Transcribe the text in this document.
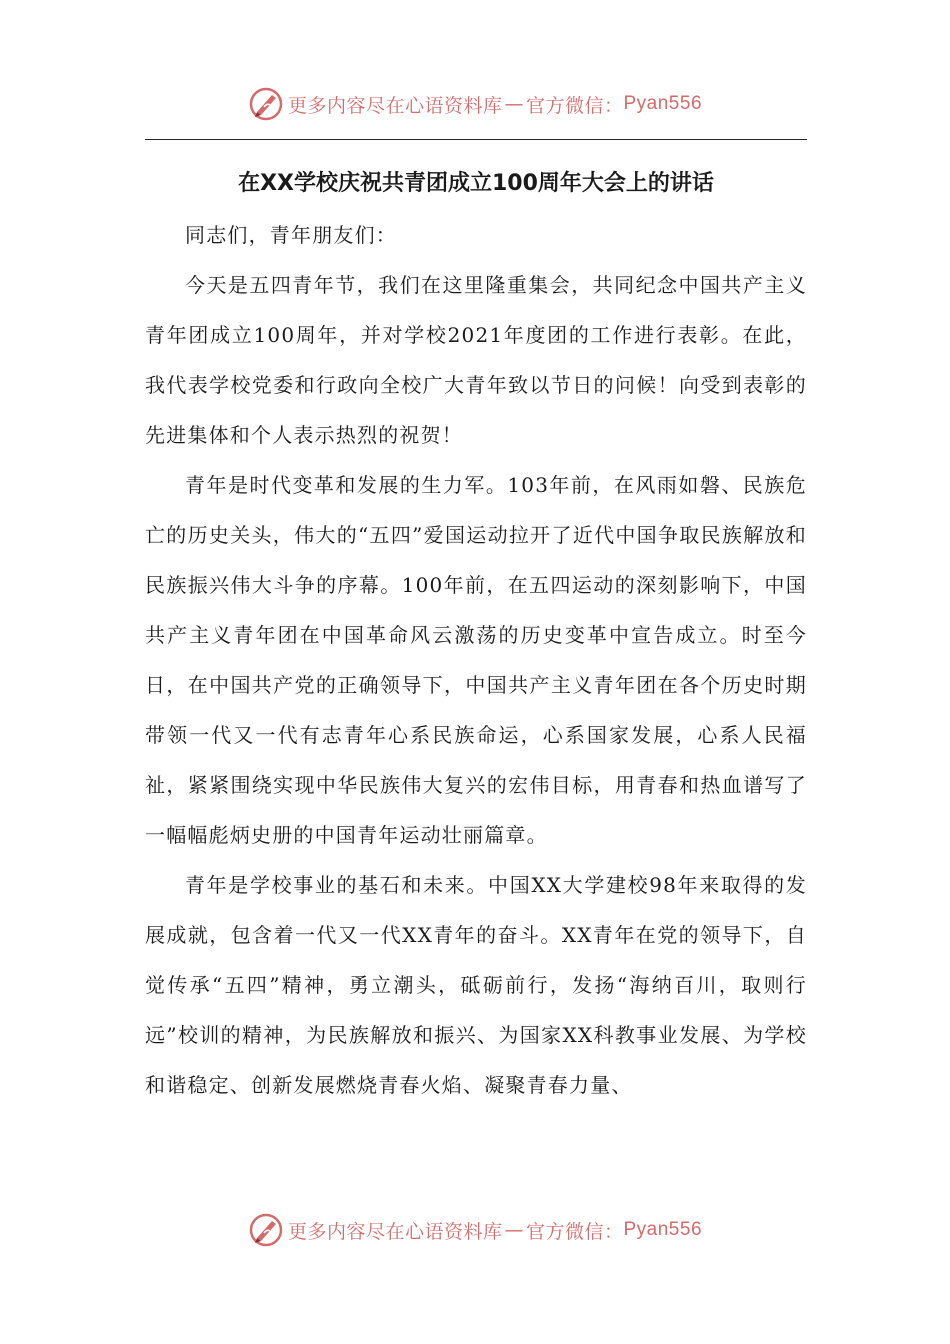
更多内容尽在心语资料库 — 官方微信： Pyan556
在XX学校庆祝共青团成立100周年大会上的讲话

同志们，青年朋友们：

今天是五四青年节，我们在这里隆重集会，共同纪念中国共产主义青年团成立100周年，并对学校2021年度团的工作进行表彰。在此，我代表学校党委和行政向全校广大青年致以节日的问候！向受到表彰的先进集体和个人表示热烈的祝贺！

青年是时代变革和发展的生力军。103年前，在风雨如磐、民族危亡的历史关头，伟大的“五四”爱国运动拉开了近代中国争取民族解放和民族振兴伟大斗争的序幕。100年前，在五四运动的深刻影响下，中国共产主义青年团在中国革命风云激荡的历史变革中宣告成立。时至今日，在中国共产党的正确领导下，中国共产主义青年团在各个历史时期带领一代又一代有志青年心系民族命运，心系国家发展，心系人民福祉，紧紧围绕实现中华民族伟大复兴的宏伟目标，用青春和热血谱写了一幅幅彪炳史册的中国青年运动壮丽篇章。

青年是学校事业的基石和未来。中国XX大学建校98年来取得的发展成就，包含着一代又一代XX青年的奋斗。XX青年在党的领导下，自觉传承“五四”精神，勇立潮头，砥砺前行，发扬“海纳百川，取则行远”校训的精神，为民族解放和振兴、为国家XX科教事业发展、为学校和谐稳定、创新发展燃烧青春火焰、凝聚青春力量、

更多内容尽在心语资料库 — 官方微信： Pyan556
